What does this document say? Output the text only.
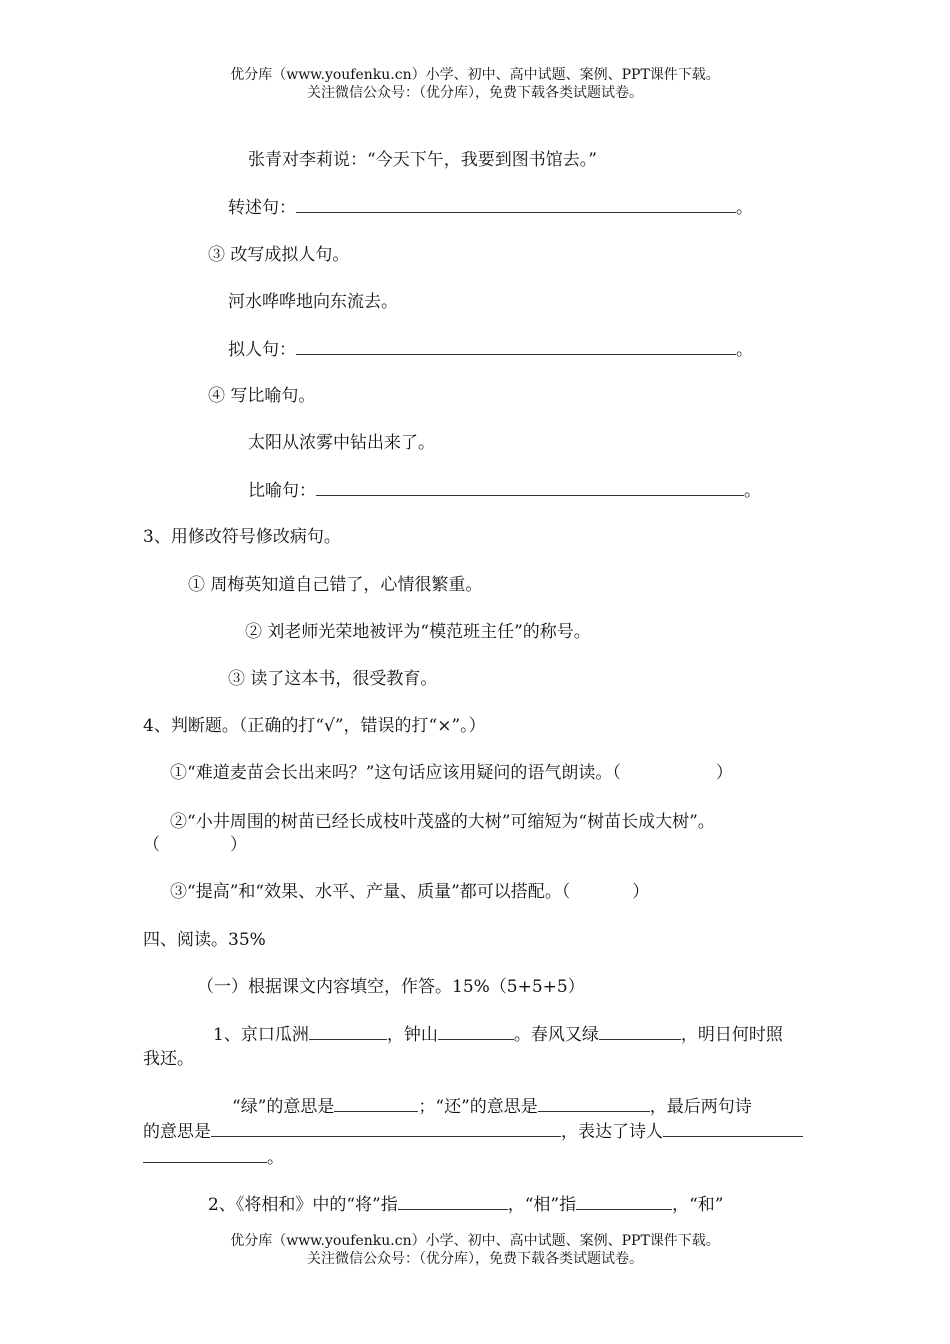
优分库（www.youfenku.cn）小学、初中、高中试题、案例、PPT课件下载。
关注微信公众号：（优分库），免费下载各类试题试卷。
张青对李莉说：“今天下午，我要到图书馆去。”
转述句：	。
③ 改写成拟人句。
河水哗哗地向东流去。
拟人句：	。
④ 写比喻句。
太阳从浓雾中钻出来了。
比喻句：	。
3、用修改符号修改病句。
① 周梅英知道自己错了，心情很繁重。
② 刘老师光荣地被评为“模范班主任”的称号。
③ 读了这本书，很受教育。
4、判断题。（正确的打“√”，错误的打“×”。）
①“难道麦苗会长出来吗？”这句话应该用疑问的语气朗读。（	）
②“小井周围的树苗已经长成枝叶茂盛的大树”可缩短为“树苗长成大树”。
（	）
③“提高”和“效果、水平、产量、质量”都可以搭配。（	）
四、阅读。35%
（一）根据课文内容填空，作答。15%（5+5+5）
1、京口瓜洲	，钟山	。春风又绿	，明日何时照
我还。
“绿”的意思是	；“还”的意思是	，最后两句诗
的意思是	，表达了诗人
。
2、《将相和》中的“将”指	，“相”指	，“和”
优分库（www.youfenku.cn）小学、初中、高中试题、案例、PPT课件下载。
关注微信公众号：（优分库），免费下载各类试题试卷。
